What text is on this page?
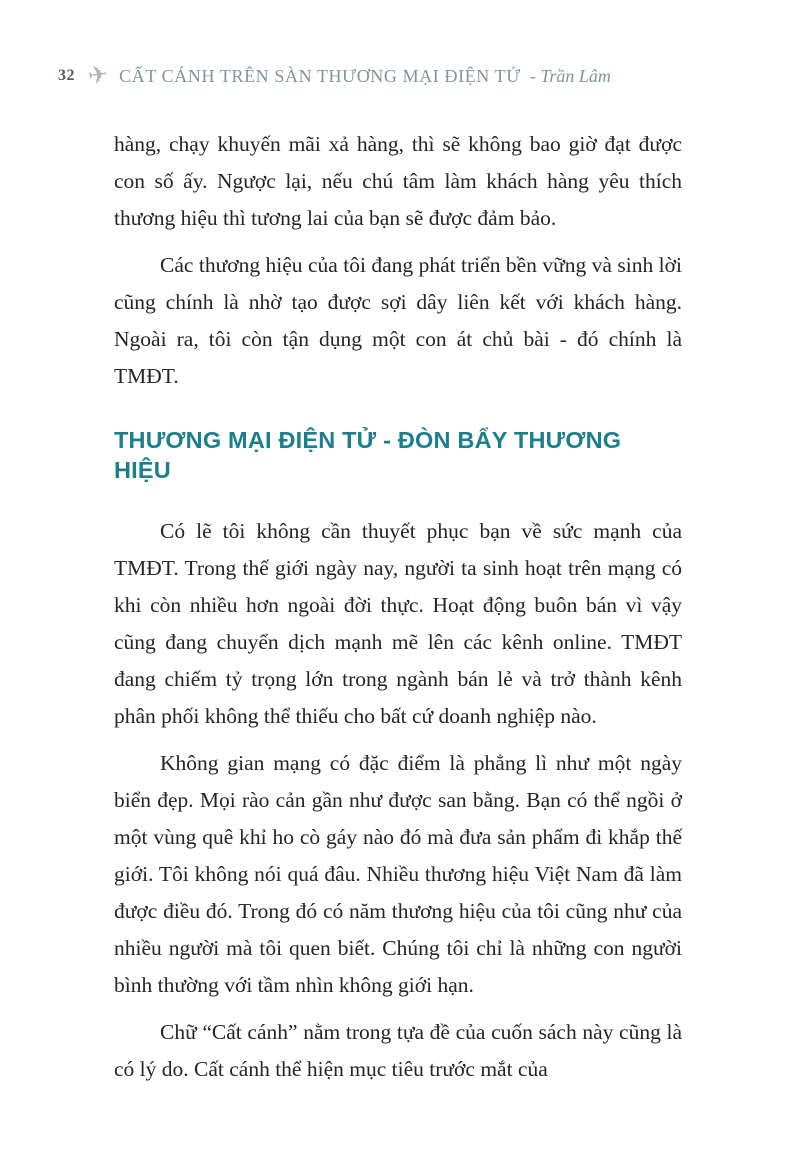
32 ✈ CẤT CÁNH TRÊN SÀN THƯƠNG MẠI ĐIỆN TỬ - Trần Lâm

hàng, chạy khuyến mãi xả hàng, thì sẽ không bao giờ đạt được con số ấy. Ngược lại, nếu chú tâm làm khách hàng yêu thích thương hiệu thì tương lai của bạn sẽ được đảm bảo.

Các thương hiệu của tôi đang phát triển bền vững và sinh lời cũng chính là nhờ tạo được sợi dây liên kết với khách hàng. Ngoài ra, tôi còn tận dụng một con át chủ bài - đó chính là TMĐT.

THƯƠNG MẠI ĐIỆN TỬ - ĐÒN BẨY THƯƠNG HIỆU

Có lẽ tôi không cần thuyết phục bạn về sức mạnh của TMĐT. Trong thế giới ngày nay, người ta sinh hoạt trên mạng có khi còn nhiều hơn ngoài đời thực. Hoạt động buôn bán vì vậy cũng đang chuyển dịch mạnh mẽ lên các kênh online. TMĐT đang chiếm tỷ trọng lớn trong ngành bán lẻ và trở thành kênh phân phối không thể thiếu cho bất cứ doanh nghiệp nào.

Không gian mạng có đặc điểm là phẳng lì như một ngày biển đẹp. Mọi rào cản gần như được san bằng. Bạn có thể ngồi ở một vùng quê khỉ ho cò gáy nào đó mà đưa sản phẩm đi khắp thế giới. Tôi không nói quá đâu. Nhiều thương hiệu Việt Nam đã làm được điều đó. Trong đó có năm thương hiệu của tôi cũng như của nhiều người mà tôi quen biết. Chúng tôi chỉ là những con người bình thường với tầm nhìn không giới hạn.

Chữ “Cất cánh” nằm trong tựa đề của cuốn sách này cũng là có lý do. Cất cánh thể hiện mục tiêu trước mắt của
